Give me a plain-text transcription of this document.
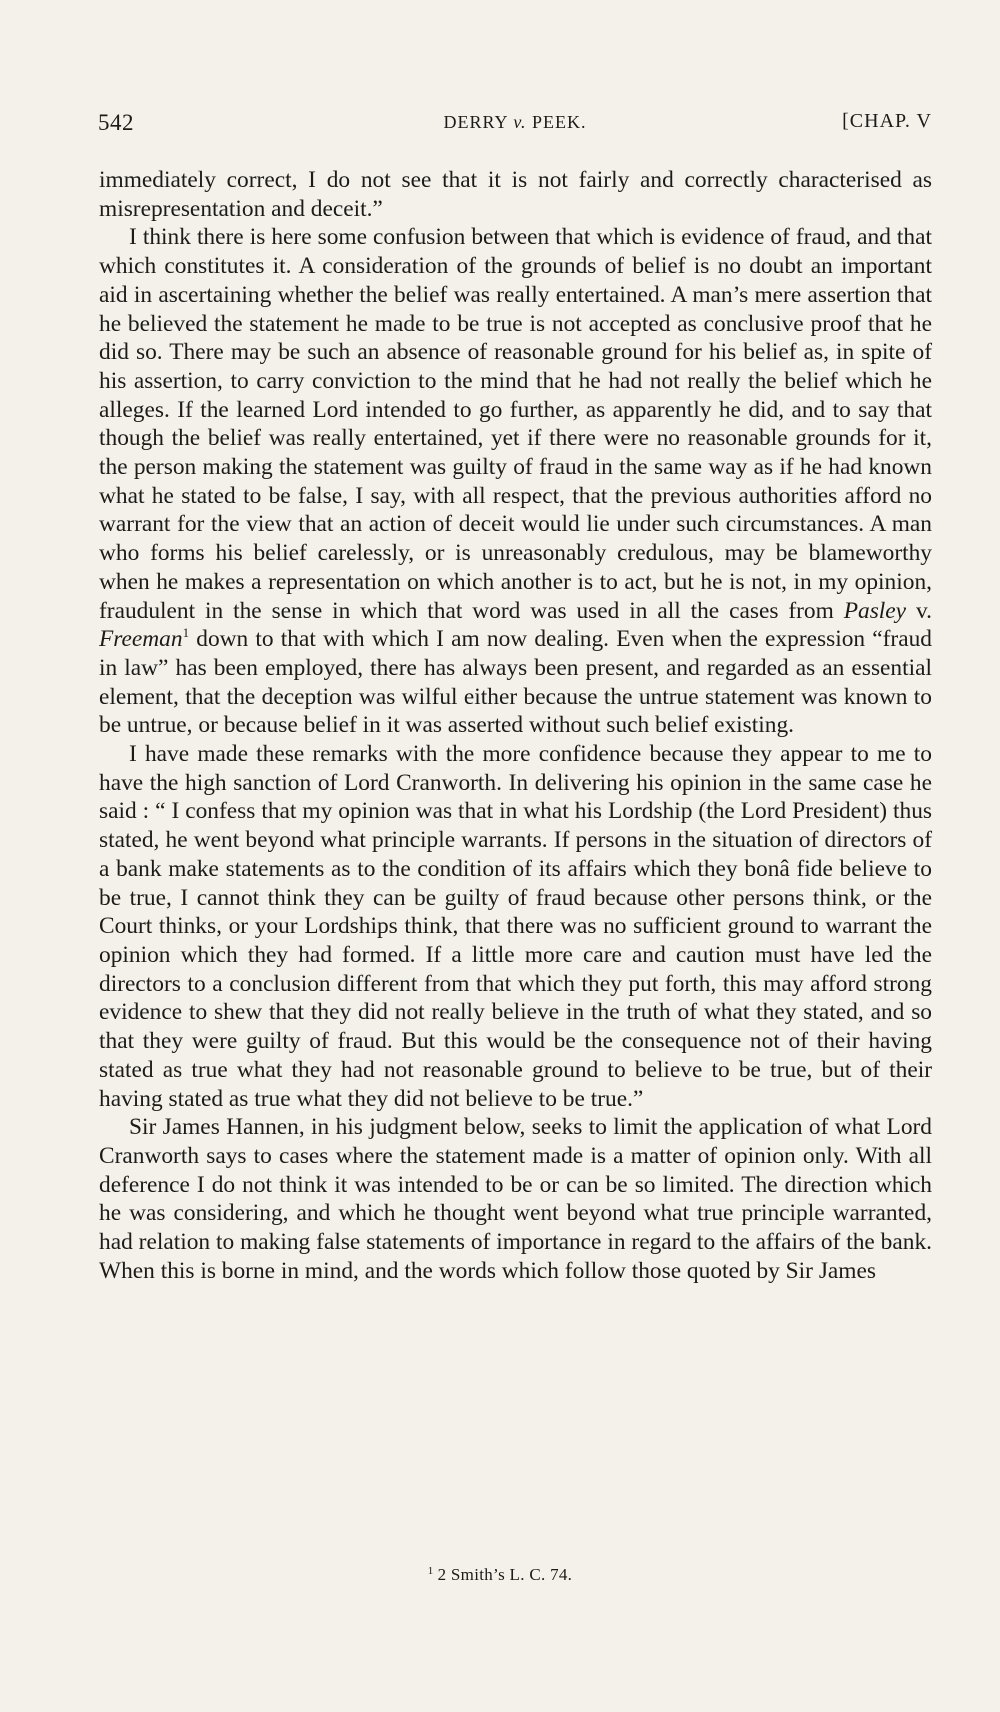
542	DERRY v. PEEK.	[CHAP. V

immediately correct, I do not see that it is not fairly and correctly characterised as misrepresentation and deceit.”

I think there is here some confusion between that which is evidence of fraud, and that which constitutes it. A consideration of the grounds of belief is no doubt an important aid in ascertaining whether the belief was really entertained. A man’s mere assertion that he believed the statement he made to be true is not accepted as conclusive proof that he did so. There may be such an absence of reasonable ground for his belief as, in spite of his assertion, to carry conviction to the mind that he had not really the belief which he alleges. If the learned Lord intended to go further, as apparently he did, and to say that though the belief was really entertained, yet if there were no reasonable grounds for it, the person making the statement was guilty of fraud in the same way as if he had known what he stated to be false, I say, with all respect, that the previous authorities afford no warrant for the view that an action of deceit would lie under such circumstances. A man who forms his belief carelessly, or is unreasonably credulous, may be blameworthy when he makes a representation on which another is to act, but he is not, in my opinion, fraudulent in the sense in which that word was used in all the cases from Pasley v. Freeman$^1$ down to that with which I am now dealing. Even when the expression “fraud in law” has been employed, there has always been present, and regarded as an essential element, that the deception was wilful either because the untrue statement was known to be untrue, or because belief in it was asserted without such belief existing.

I have made these remarks with the more confidence because they appear to me to have the high sanction of Lord Cranworth. In delivering his opinion in the same case he said : “ I confess that my opinion was that in what his Lordship (the Lord President) thus stated, he went beyond what principle warrants. If persons in the situation of directors of a bank make statements as to the condition of its affairs which they bonâ fide believe to be true, I cannot think they can be guilty of fraud because other persons think, or the Court thinks, or your Lordships think, that there was no sufficient ground to warrant the opinion which they had formed. If a little more care and caution must have led the directors to a conclusion different from that which they put forth, this may afford strong evidence to shew that they did not really believe in the truth of what they stated, and so that they were guilty of fraud. But this would be the consequence not of their having stated as true what they had not reasonable ground to believe to be true, but of their having stated as true what they did not believe to be true.”

Sir James Hannen, in his judgment below, seeks to limit the application of what Lord Cranworth says to cases where the statement made is a matter of opinion only. With all deference I do not think it was intended to be or can be so limited. The direction which he was considering, and which he thought went beyond what true principle warranted, had relation to making false statements of importance in regard to the affairs of the bank. When this is borne in mind, and the words which follow those quoted by Sir James

$^1$ 2 Smith’s L. C. 74.
